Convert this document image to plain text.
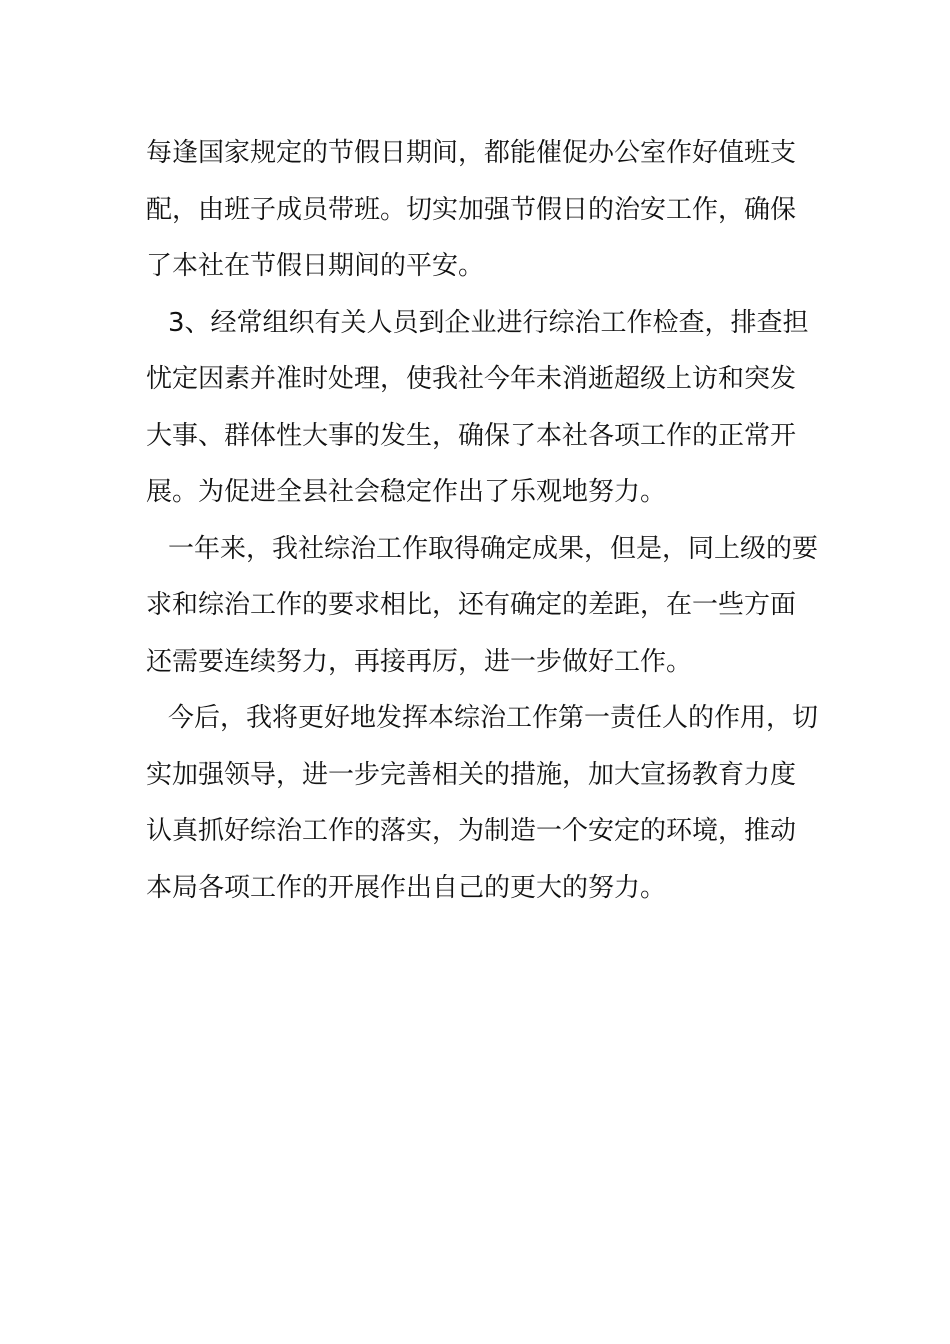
每逢国家规定的节假日期间，都能催促办公室作好值班支
配，由班子成员带班。切实加强节假日的治安工作，确保
了本社在节假日期间的平安。
3、经常组织有关人员到企业进行综治工作检查，排查担
忧定因素并准时处理，使我社今年未消逝超级上访和突发
大事、群体性大事的发生，确保了本社各项工作的正常开
展。为促进全县社会稳定作出了乐观地努力。
一年来，我社综治工作取得确定成果，但是，同上级的要
求和综治工作的要求相比，还有确定的差距，在一些方面
还需要连续努力，再接再厉，进一步做好工作。
今后，我将更好地发挥本综治工作第一责任人的作用，切
实加强领导，进一步完善相关的措施，加大宣扬教育力度
认真抓好综治工作的落实，为制造一个安定的环境，推动
本局各项工作的开展作出自己的更大的努力。
